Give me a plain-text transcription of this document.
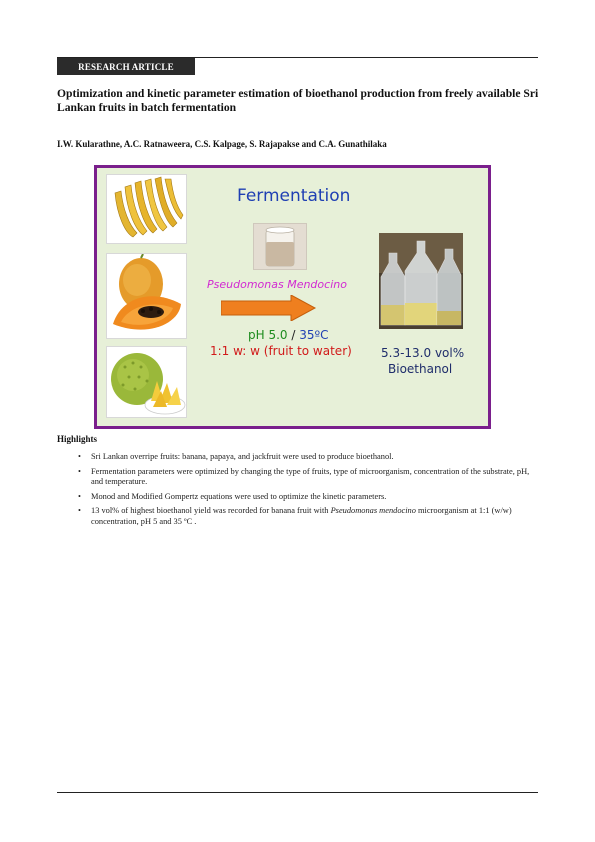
RESEARCH ARTICLE
Optimization and kinetic parameter estimation of bioethanol production from freely available Sri Lankan fruits in batch fermentation
I.W. Kularathne, A.C. Ratnaweera, C.S. Kalpage, S. Rajapakse and C.A. Gunathilaka
Fermentation
Pseudomonas Mendocino
pH 5.0 / 35ºC
1:1 w: w (fruit to water) 5.3-13.0 vol%
Bioethanol
Highlights
• Sri Lankan overripe fruits: banana, papaya, and jackfruit were used to produce bioethanol.
• Fermentation parameters were optimized by changing the type of fruits, type of microorganism, concentration of the substrate, pH, and temperature.
• Monod and Modified Gompertz equations were used to optimize the kinetic parameters.
• 13 vol% of highest bioethanol yield was recorded for banana fruit with Pseudomonas mendocino microorganism at 1:1 (w/w) concentration, pH 5 and 35 ºC .
